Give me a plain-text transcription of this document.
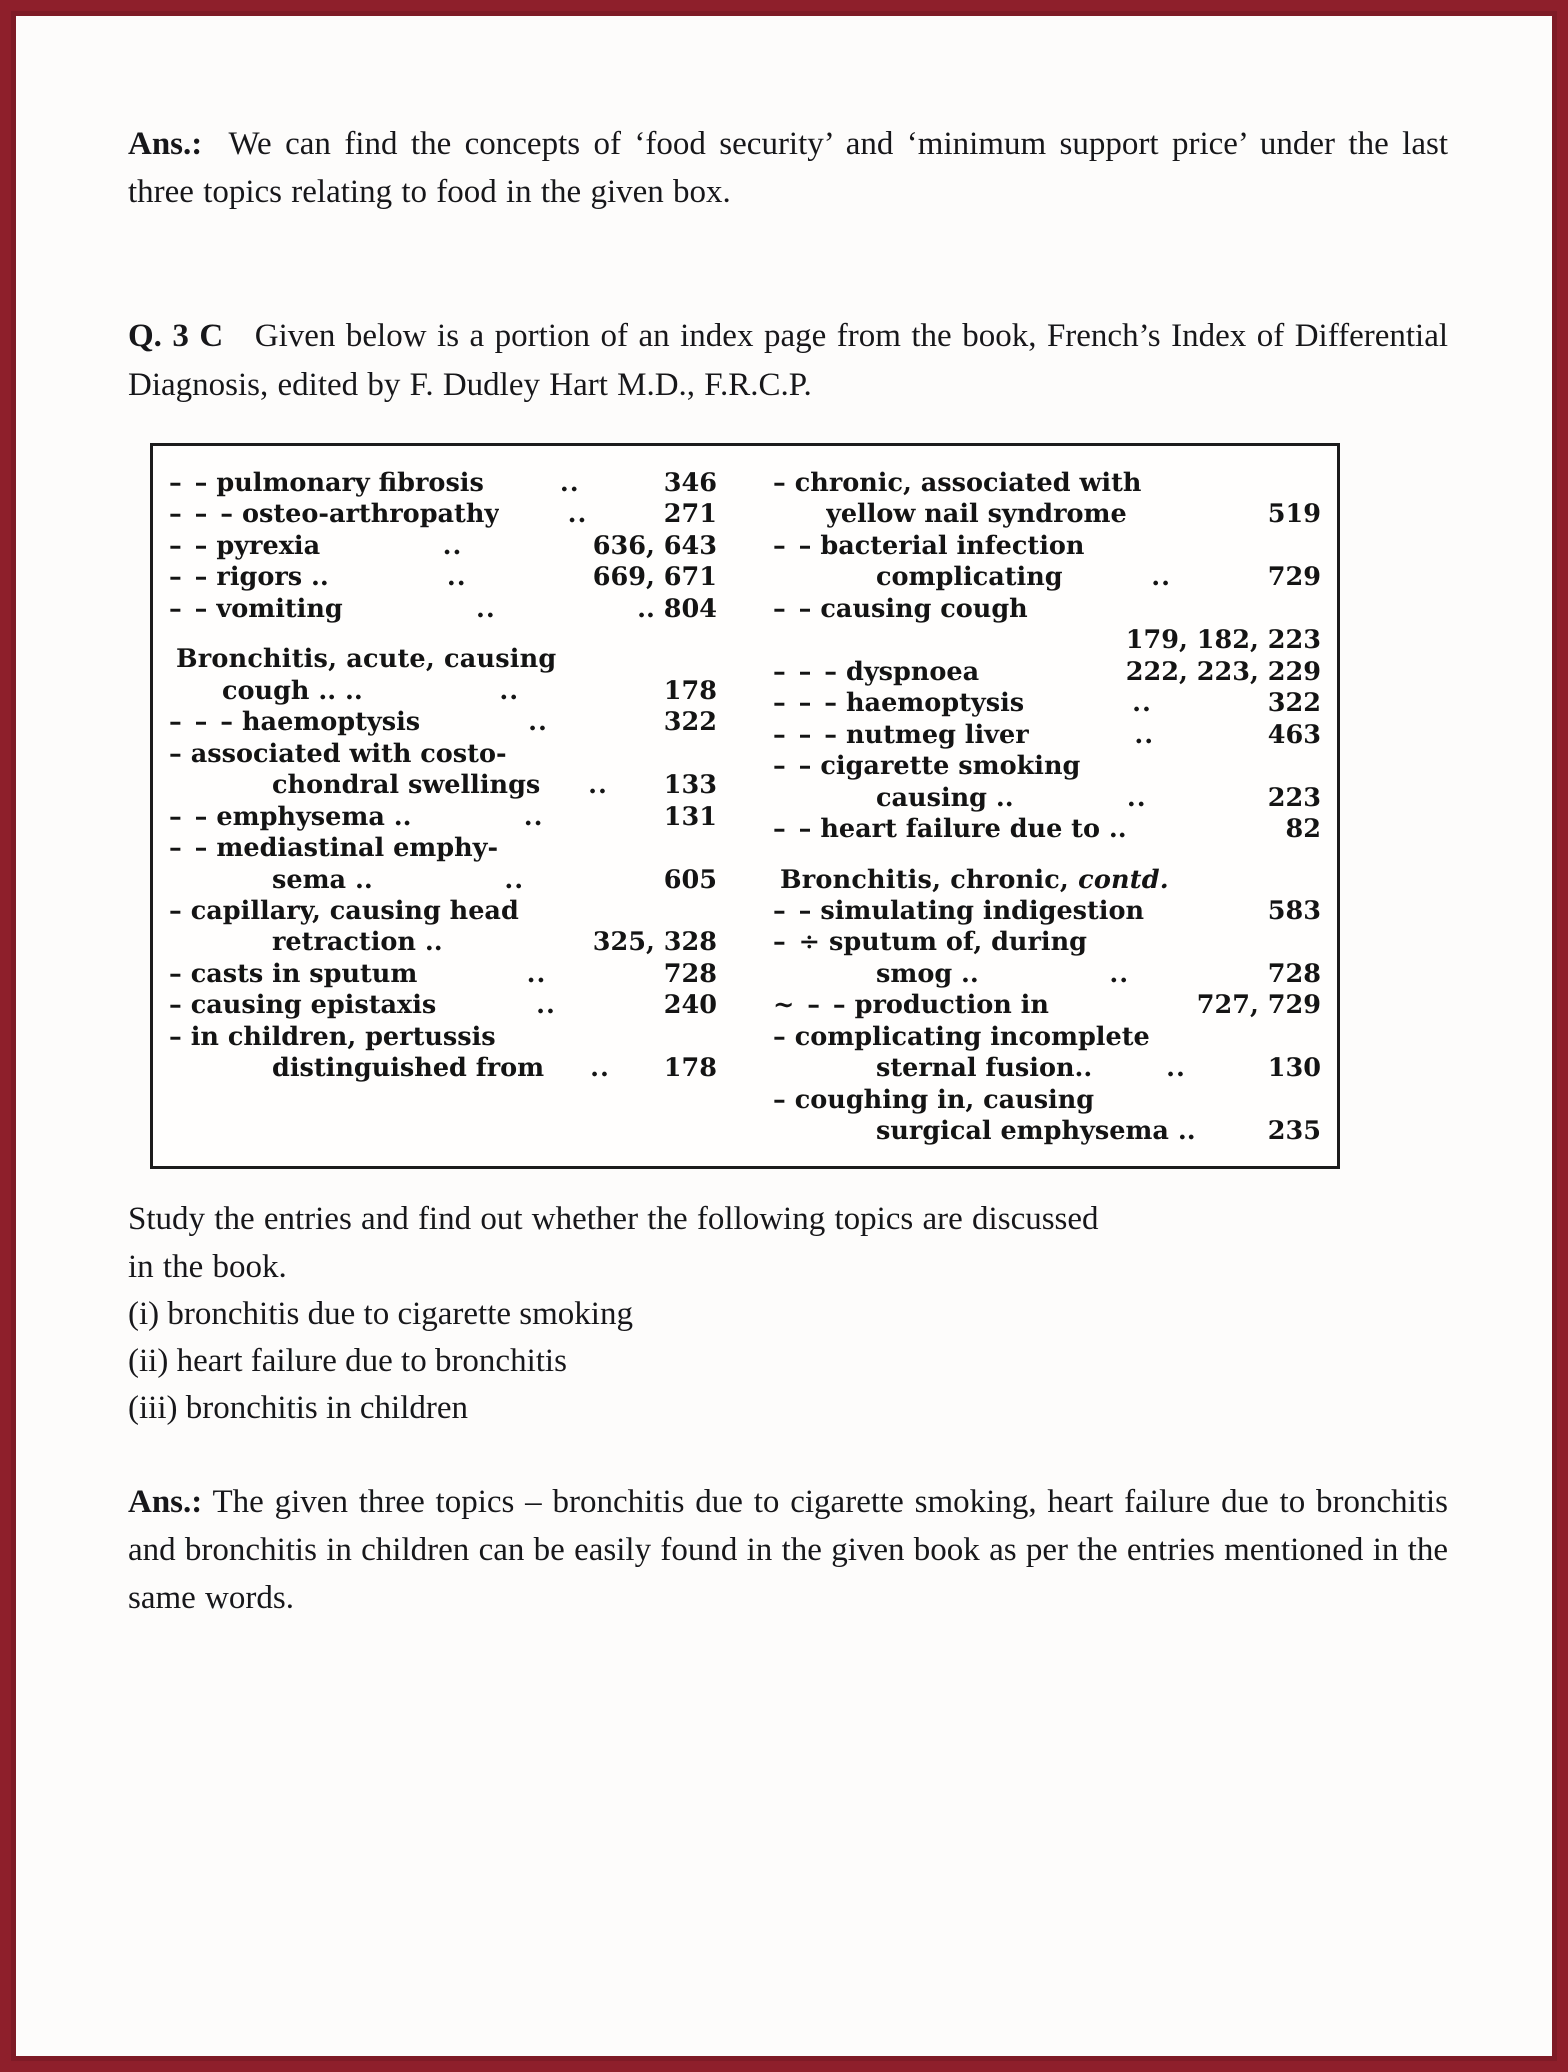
Ans.: We can find the concepts of ‘food security’ and ‘minimum support price’ under the last three topics relating to food in the given box.

Q. 3 C Given below is a portion of an index page from the book, French’s Index of Differential Diagnosis, edited by F. Dudley Hart M.D., F.R.C.P.

– – pulmonary fibrosis	..	346
– – – osteo-arthropathy	..	271
– – pyrexia	..	636, 643
– – rigors ..	..	669, 671
– – vomiting	..	.. 804
Bronchitis, acute, causing
cough .. ..	..	178
– – – haemoptysis	..	322
– associated with costo-
chondral swellings	..	133
– – emphysema ..	..	131
– – mediastinal emphy-
sema ..	..	605
– capillary, causing head
retraction ..	325, 328
– casts in sputum	..	728
– causing epistaxis	..	240
– in children, pertussis
distinguished from	..	178
– chronic, associated with
yellow nail syndrome	519
– – bacterial infection
complicating	..	729
– – causing cough
179, 182, 223
– – – dyspnoea	222, 223, 229
– – – haemoptysis	..	322
– – – nutmeg liver	..	463
– – cigarette smoking
causing ..	..	223
– – heart failure due to ..	82
Bronchitis, chronic, contd.
– – simulating indigestion	583
– ÷ sputum of, during
smog ..	..	728
~ – – production in	727, 729
– complicating incomplete
sternal fusion..	..	130
– coughing in, causing
surgical emphysema ..	235

Study the entries and find out whether the following topics are discussed

in the book.

(i) bronchitis due to cigarette smoking
(ii) heart failure due to bronchitis
(iii) bronchitis in children

Ans.: The given three topics – bronchitis due to cigarette smoking, heart failure due to bronchitis and bronchitis in children can be easily found in the given book as per the entries mentioned in the same words.
